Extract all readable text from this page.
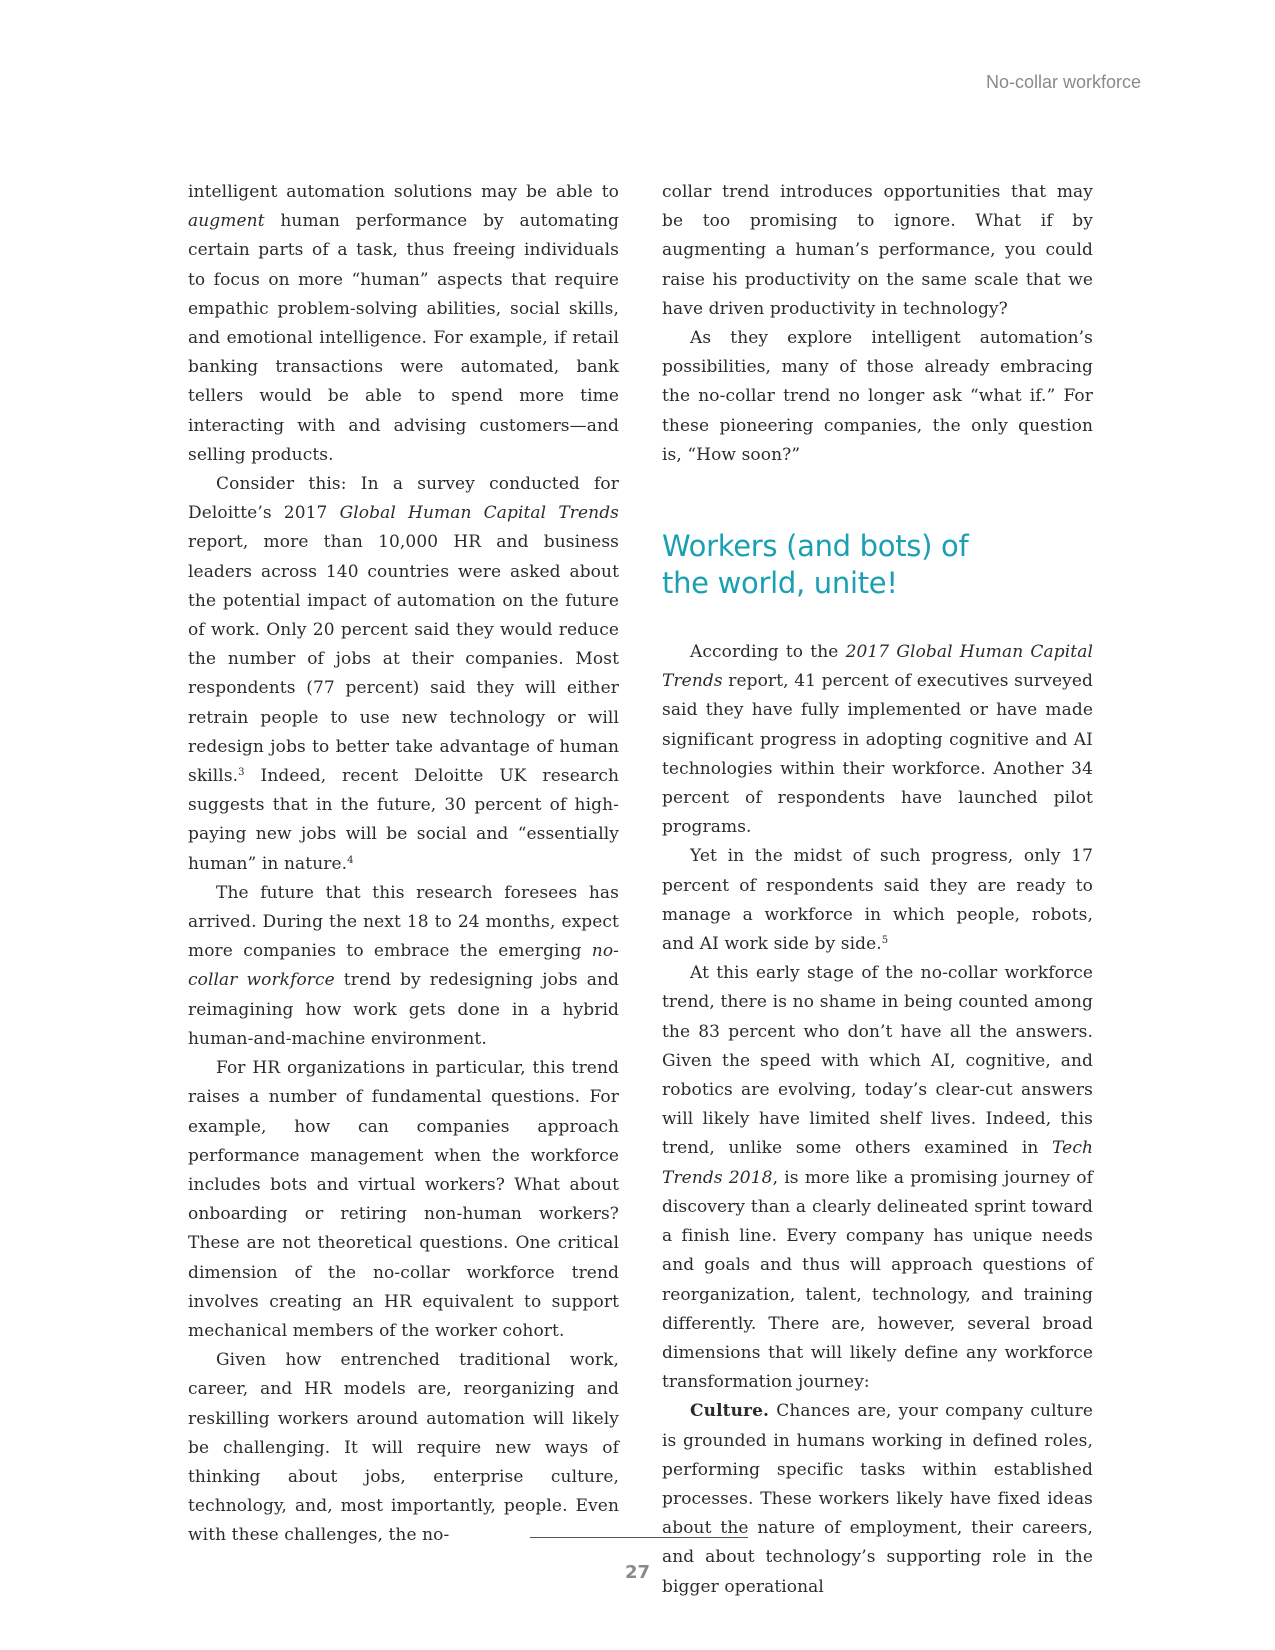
No-collar workforce

intelligent automation solutions may be able to augment human performance by automating certain parts of a task, thus freeing individuals to focus on more “human” aspects that require empathic problem-solving abilities, social skills, and emotional intelligence. For example, if retail banking transactions were automated, bank tellers would be able to spend more time interacting with and advising customers—and selling products.

Consider this: In a survey conducted for Deloitte’s 2017 Global Human Capital Trends report, more than 10,000 HR and business leaders across 140 countries were asked about the potential impact of automation on the future of work. Only 20 percent said they would reduce the number of jobs at their companies. Most respondents (77 percent) said they will either retrain people to use new technology or will redesign jobs to better take advantage of human skills.$^3$ Indeed, recent Deloitte UK research suggests that in the future, 30 percent of high-paying new jobs will be social and “essentially human” in nature.$^4$

The future that this research foresees has arrived. During the next 18 to 24 months, expect more companies to embrace the emerging no-collar workforce trend by redesigning jobs and reimagining how work gets done in a hybrid human-and-machine environment.

For HR organizations in particular, this trend raises a number of fundamental questions. For example, how can companies approach performance management when the workforce includes bots and virtual workers? What about onboarding or retiring non-human workers? These are not theoretical questions. One critical dimension of the no-collar workforce trend involves creating an HR equivalent to support mechanical members of the worker cohort.

Given how entrenched traditional work, career, and HR models are, reorganizing and reskilling workers around automation will likely be challenging. It will require new ways of thinking about jobs, enterprise culture, technology, and, most importantly, people. Even with these challenges, the no-

collar trend introduces opportunities that may be too promising to ignore. What if by augmenting a human’s performance, you could raise his productivity on the same scale that we have driven productivity in technology?

As they explore intelligent automation’s possibilities, many of those already embracing the no-collar trend no longer ask “what if.” For these pioneering companies, the only question is, “How soon?”

Workers (and bots) of
the world, unite!

According to the 2017 Global Human Capital Trends report, 41 percent of executives surveyed said they have fully implemented or have made significant progress in adopting cognitive and AI technologies within their workforce. Another 34 percent of respondents have launched pilot programs.

Yet in the midst of such progress, only 17 percent of respondents said they are ready to manage a workforce in which people, robots, and AI work side by side.$^5$

At this early stage of the no-collar workforce trend, there is no shame in being counted among the 83 percent who don’t have all the answers. Given the speed with which AI, cognitive, and robotics are evolving, today’s clear-cut answers will likely have limited shelf lives. Indeed, this trend, unlike some others examined in Tech Trends 2018, is more like a promising journey of discovery than a clearly delineated sprint toward a finish line. Every company has unique needs and goals and thus will approach questions of reorganization, talent, technology, and training differently. There are, however, several broad dimensions that will likely define any workforce transformation journey:

Culture. Chances are, your company culture is grounded in humans working in defined roles, performing specific tasks within established processes. These workers likely have fixed ideas about the nature of employment, their careers, and about technology’s supporting role in the bigger operational

27
